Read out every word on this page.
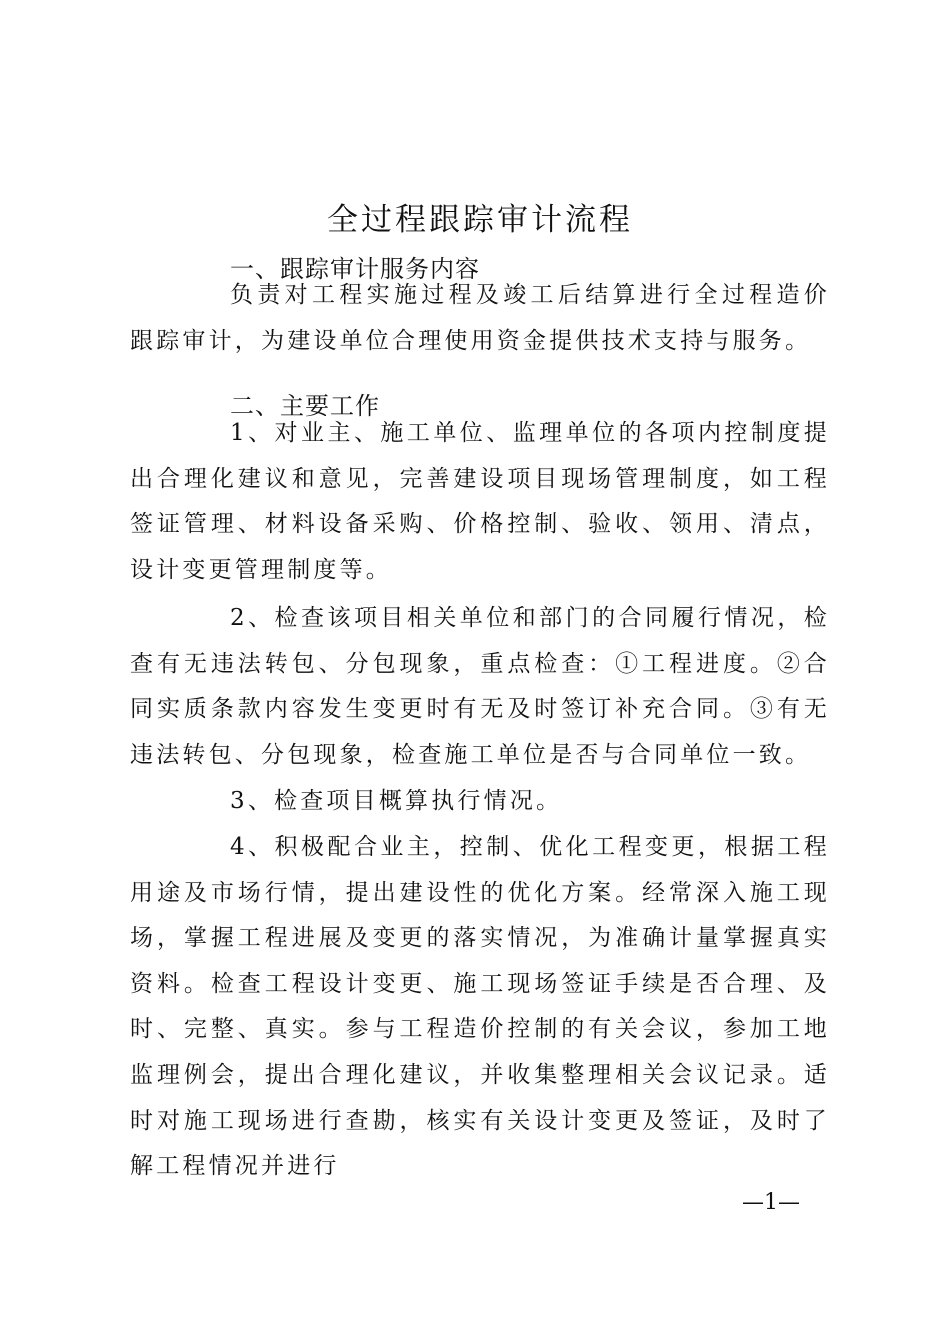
全过程跟踪审计流程
一、跟踪审计服务内容

负责对工程实施过程及竣工后结算进行全过程造价跟踪审计，为建设单位合理使用资金提供技术支持与服务。

二、主要工作

1、对业主、施工单位、监理单位的各项内控制度提出合理化建议和意见，完善建设项目现场管理制度，如工程签证管理、材料设备采购、价格控制、验收、领用、清点，设计变更管理制度等。

2、检查该项目相关单位和部门的合同履行情况，检查有无违法转包、分包现象，重点检查：①工程进度。②合同实质条款内容发生变更时有无及时签订补充合同。③有无违法转包、分包现象，检查施工单位是否与合同单位一致。

3、检查项目概算执行情况。

4、积极配合业主，控制、优化工程变更，根据工程用途及市场行情，提出建设性的优化方案。经常深入施工现场，掌握工程进展及变更的落实情况，为准确计量掌握真实资料。检查工程设计变更、施工现场签证手续是否合理、及时、完整、真实。参与工程造价控制的有关会议，参加工地监理例会，提出合理化建议，并收集整理相关会议记录。适时对施工现场进行查勘，核实有关设计变更及签证，及时了解工程情况并进行

—1—
